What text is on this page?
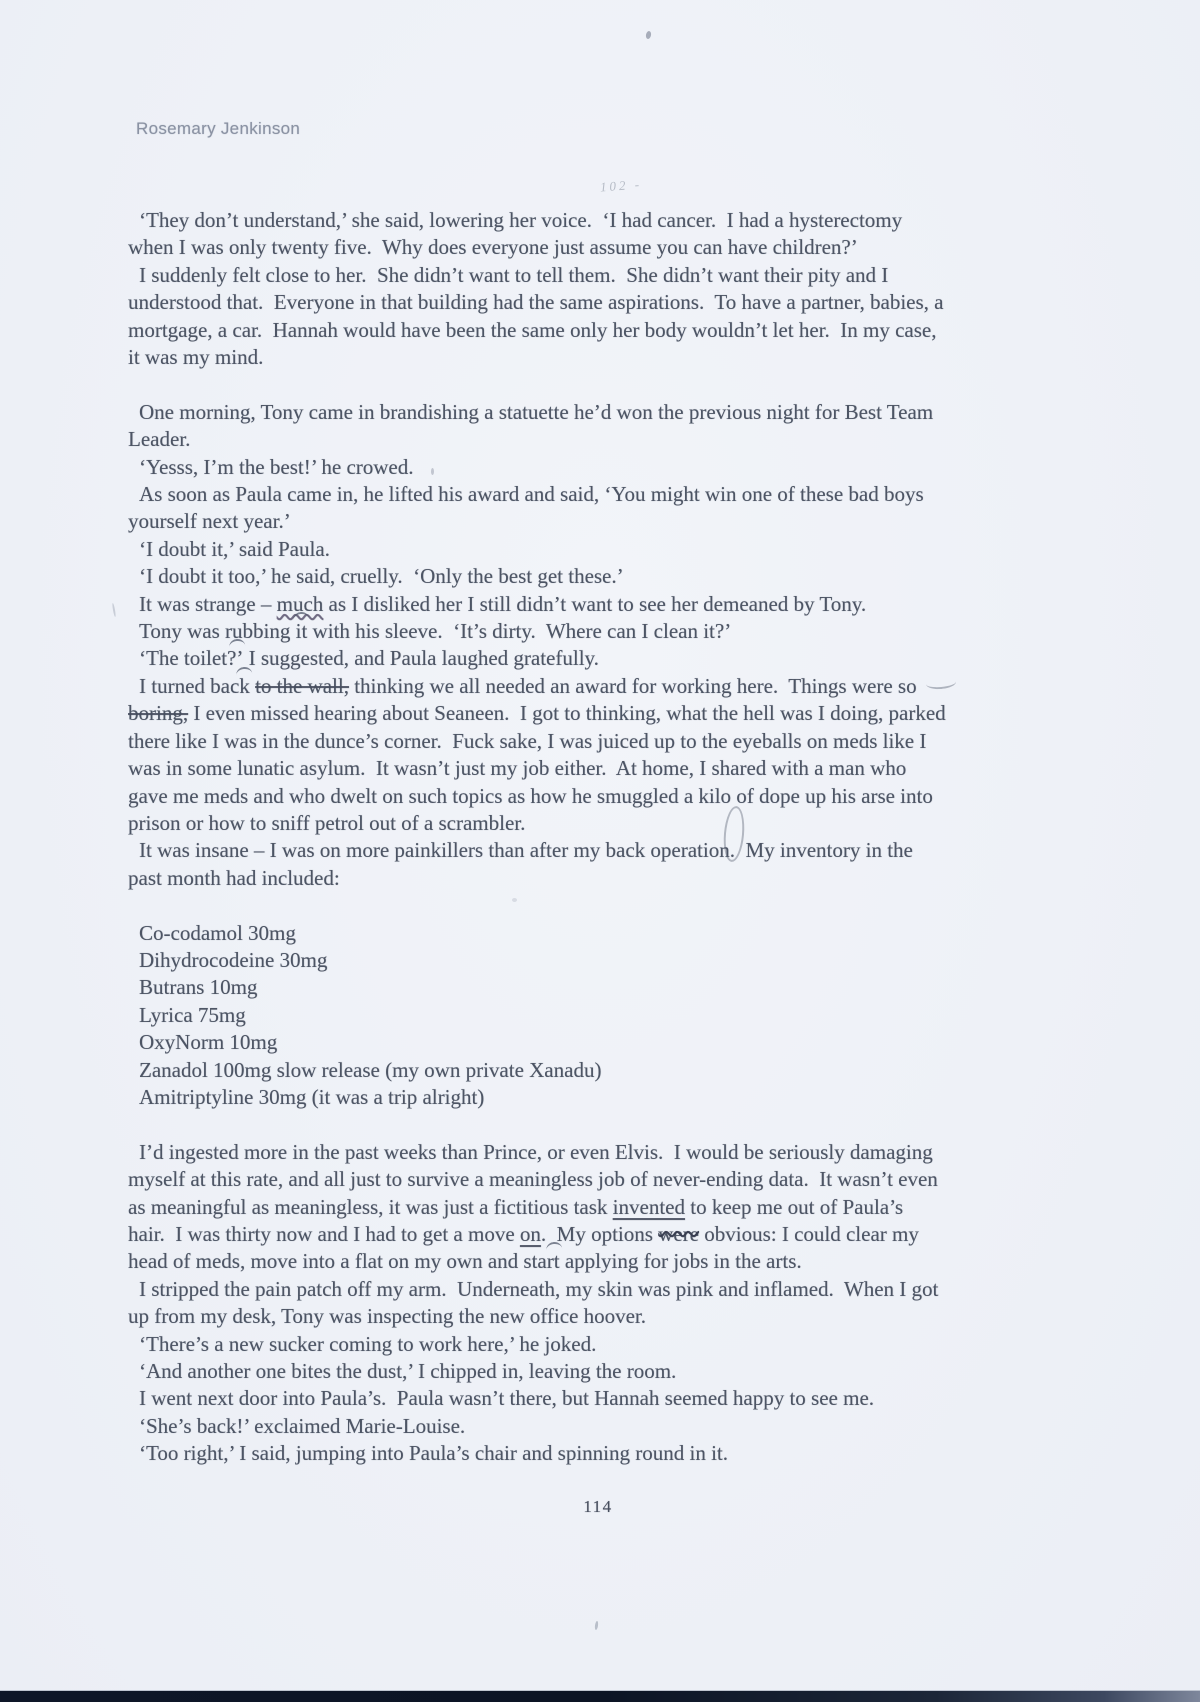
Rosemary Jenkinson
102 -
‘They don’t understand,’ she said, lowering her voice.  ‘I had cancer.  I had a hysterectomy
when I was only twenty five.  Why does everyone just assume you can have children?’
I suddenly felt close to her.  She didn’t want to tell them.  She didn’t want their pity and I
understood that.  Everyone in that building had the same aspirations.  To have a partner, babies, a
mortgage, a car.  Hannah would have been the same only her body wouldn’t let her.  In my case,
it was my mind.
One morning, Tony came in brandishing a statuette he’d won the previous night for Best Team
Leader.
‘Yesss, I’m the best!’ he crowed.
As soon as Paula came in, he lifted his award and said, ‘You might win one of these bad boys
yourself next year.’
‘I doubt it,’ said Paula.
‘I doubt it too,’ he said, cruelly.  ‘Only the best get these.’
It was strange – much as I disliked her I still didn’t want to see her demeaned by Tony.
Tony was rubbing it with his sleeve.  ‘It’s dirty.  Where can I clean it?’
‘The toilet?’ I suggested, and Paula laughed gratefully.
I turned back to the wall, thinking we all needed an award for working here.  Things were so
boring, I even missed hearing about Seaneen.  I got to thinking, what the hell was I doing, parked
there like I was in the dunce’s corner.  Fuck sake, I was juiced up to the eyeballs on meds like I
was in some lunatic asylum.  It wasn’t just my job either.  At home, I shared with a man who
gave me meds and who dwelt on such topics as how he smuggled a kilo of dope up his arse into
prison or how to sniff petrol out of a scrambler.
It was insane – I was on more painkillers than after my back operation.  My inventory in the
past month had included:
Co-codamol 30mg
Dihydrocodeine 30mg
Butrans 10mg
Lyrica 75mg
OxyNorm 10mg
Zanadol 100mg slow release (my own private Xanadu)
Amitriptyline 30mg (it was a trip alright)
I’d ingested more in the past weeks than Prince, or even Elvis.  I would be seriously damaging
myself at this rate, and all just to survive a meaningless job of never-ending data.  It wasn’t even
as meaningful as meaningless, it was just a fictitious task invented to keep me out of Paula’s
hair.  I was thirty now and I had to get a move on.  My options were obvious: I could clear my
head of meds, move into a flat on my own and start applying for jobs in the arts.
I stripped the pain patch off my arm.  Underneath, my skin was pink and inflamed.  When I got
up from my desk, Tony was inspecting the new office hoover.
‘There’s a new sucker coming to work here,’ he joked.
‘And another one bites the dust,’ I chipped in, leaving the room.
I went next door into Paula’s.  Paula wasn’t there, but Hannah seemed happy to see me.
‘She’s back!’ exclaimed Marie-Louise.
‘Too right,’ I said, jumping into Paula’s chair and spinning round in it.
114
